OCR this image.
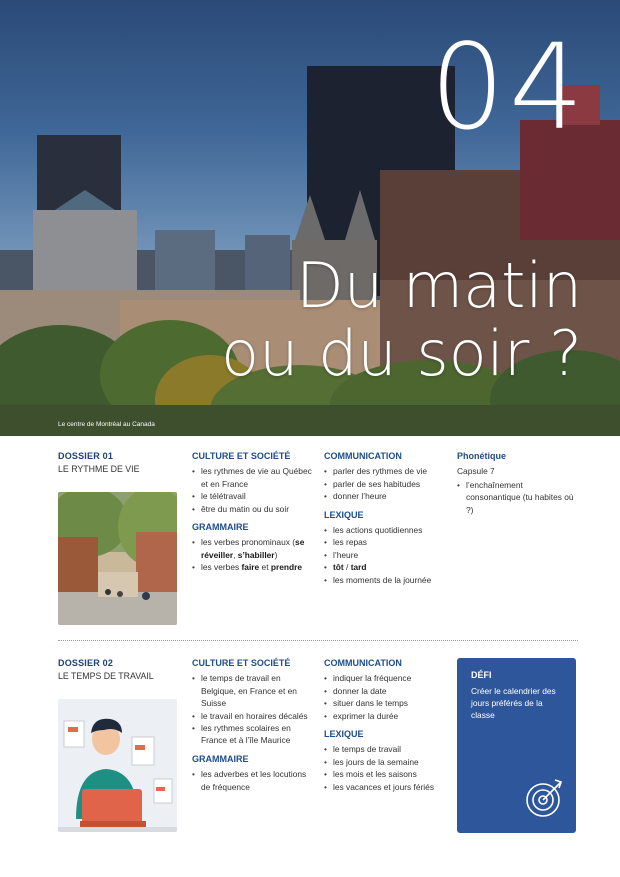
04
Du matin
ou du soir ?
Le centre de Montréal au Canada
DOSSIER 01
LE RYTHME DE VIE
CULTURE ET SOCIÉTÉ
• les rythmes de vie au Québec et en France
• le télétravail
• être du matin ou du soir
GRAMMAIRE
• les verbes pronominaux (se réveiller, s’habiller)
• les verbes faire et prendre
COMMUNICATION
• parler des rythmes de vie
• parler de ses habitudes
• donner l’heure
LEXIQUE
• les actions quotidiennes
• les repas
• l’heure
• tôt / tard
• les moments de la journée
Phonétique
Capsule 7
• l’enchaînement consonantique (tu habites où ?)
DOSSIER 02
LE TEMPS DE TRAVAIL
CULTURE ET SOCIÉTÉ
• le temps de travail en Belgique, en France et en Suisse
• le travail en horaires décalés
• les rythmes scolaires en France et à l’île Maurice
GRAMMAIRE
• les adverbes et les locutions de fréquence
COMMUNICATION
• indiquer la fréquence
• donner la date
• situer dans le temps
• exprimer la durée
LEXIQUE
• le temps de travail
• les jours de la semaine
• les mois et les saisons
• les vacances et jours fériés
DÉFI
Créer le calendrier des jours préférés de la classe
